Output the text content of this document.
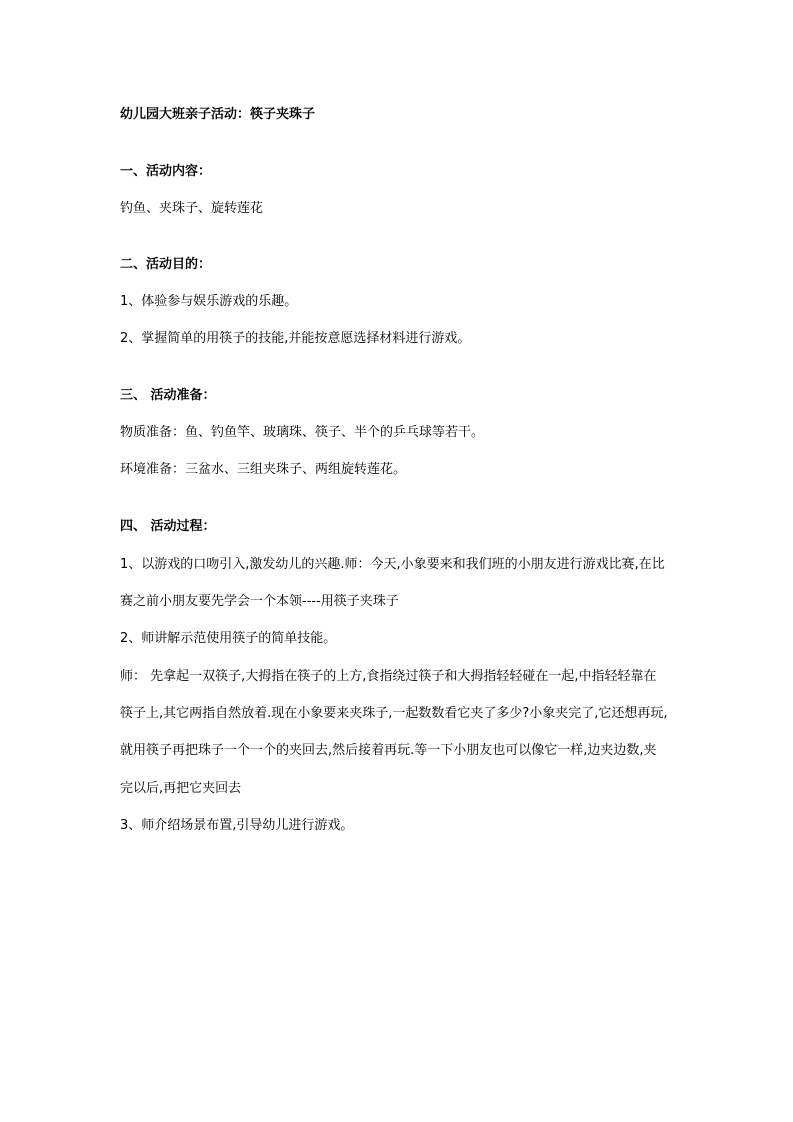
幼儿园大班亲子活动：筷子夹珠子
一、活动内容：
钓鱼、夹珠子、旋转莲花
二、活动目的：
1、体验参与娱乐游戏的乐趣。
2、掌握简单的用筷子的技能,并能按意愿选择材料进行游戏。
三、 活动准备：
物质准备：鱼、钓鱼竿、玻璃珠、筷子、半个的乒乓球等若干。
环境准备：三盆水、三组夹珠子、两组旋转莲花。
四、 活动过程：
1、以游戏的口吻引入,激发幼儿的兴趣.师：今天,小象要来和我们班的小朋友进行游戏比赛,在比
赛之前小朋友要先学会一个本领----用筷子夹珠子
2、师讲解示范使用筷子的简单技能。
师： 先拿起一双筷子,大拇指在筷子的上方,食指绕过筷子和大拇指轻轻碰在一起,中指轻轻靠在
筷子上,其它两指自然放着.现在小象要来夹珠子,一起数数看它夹了多少?小象夹完了,它还想再玩,
就用筷子再把珠子一个一个的夹回去,然后接着再玩.等一下小朋友也可以像它一样,边夹边数,夹
完以后,再把它夹回去
3、师介绍场景布置,引导幼儿进行游戏。
